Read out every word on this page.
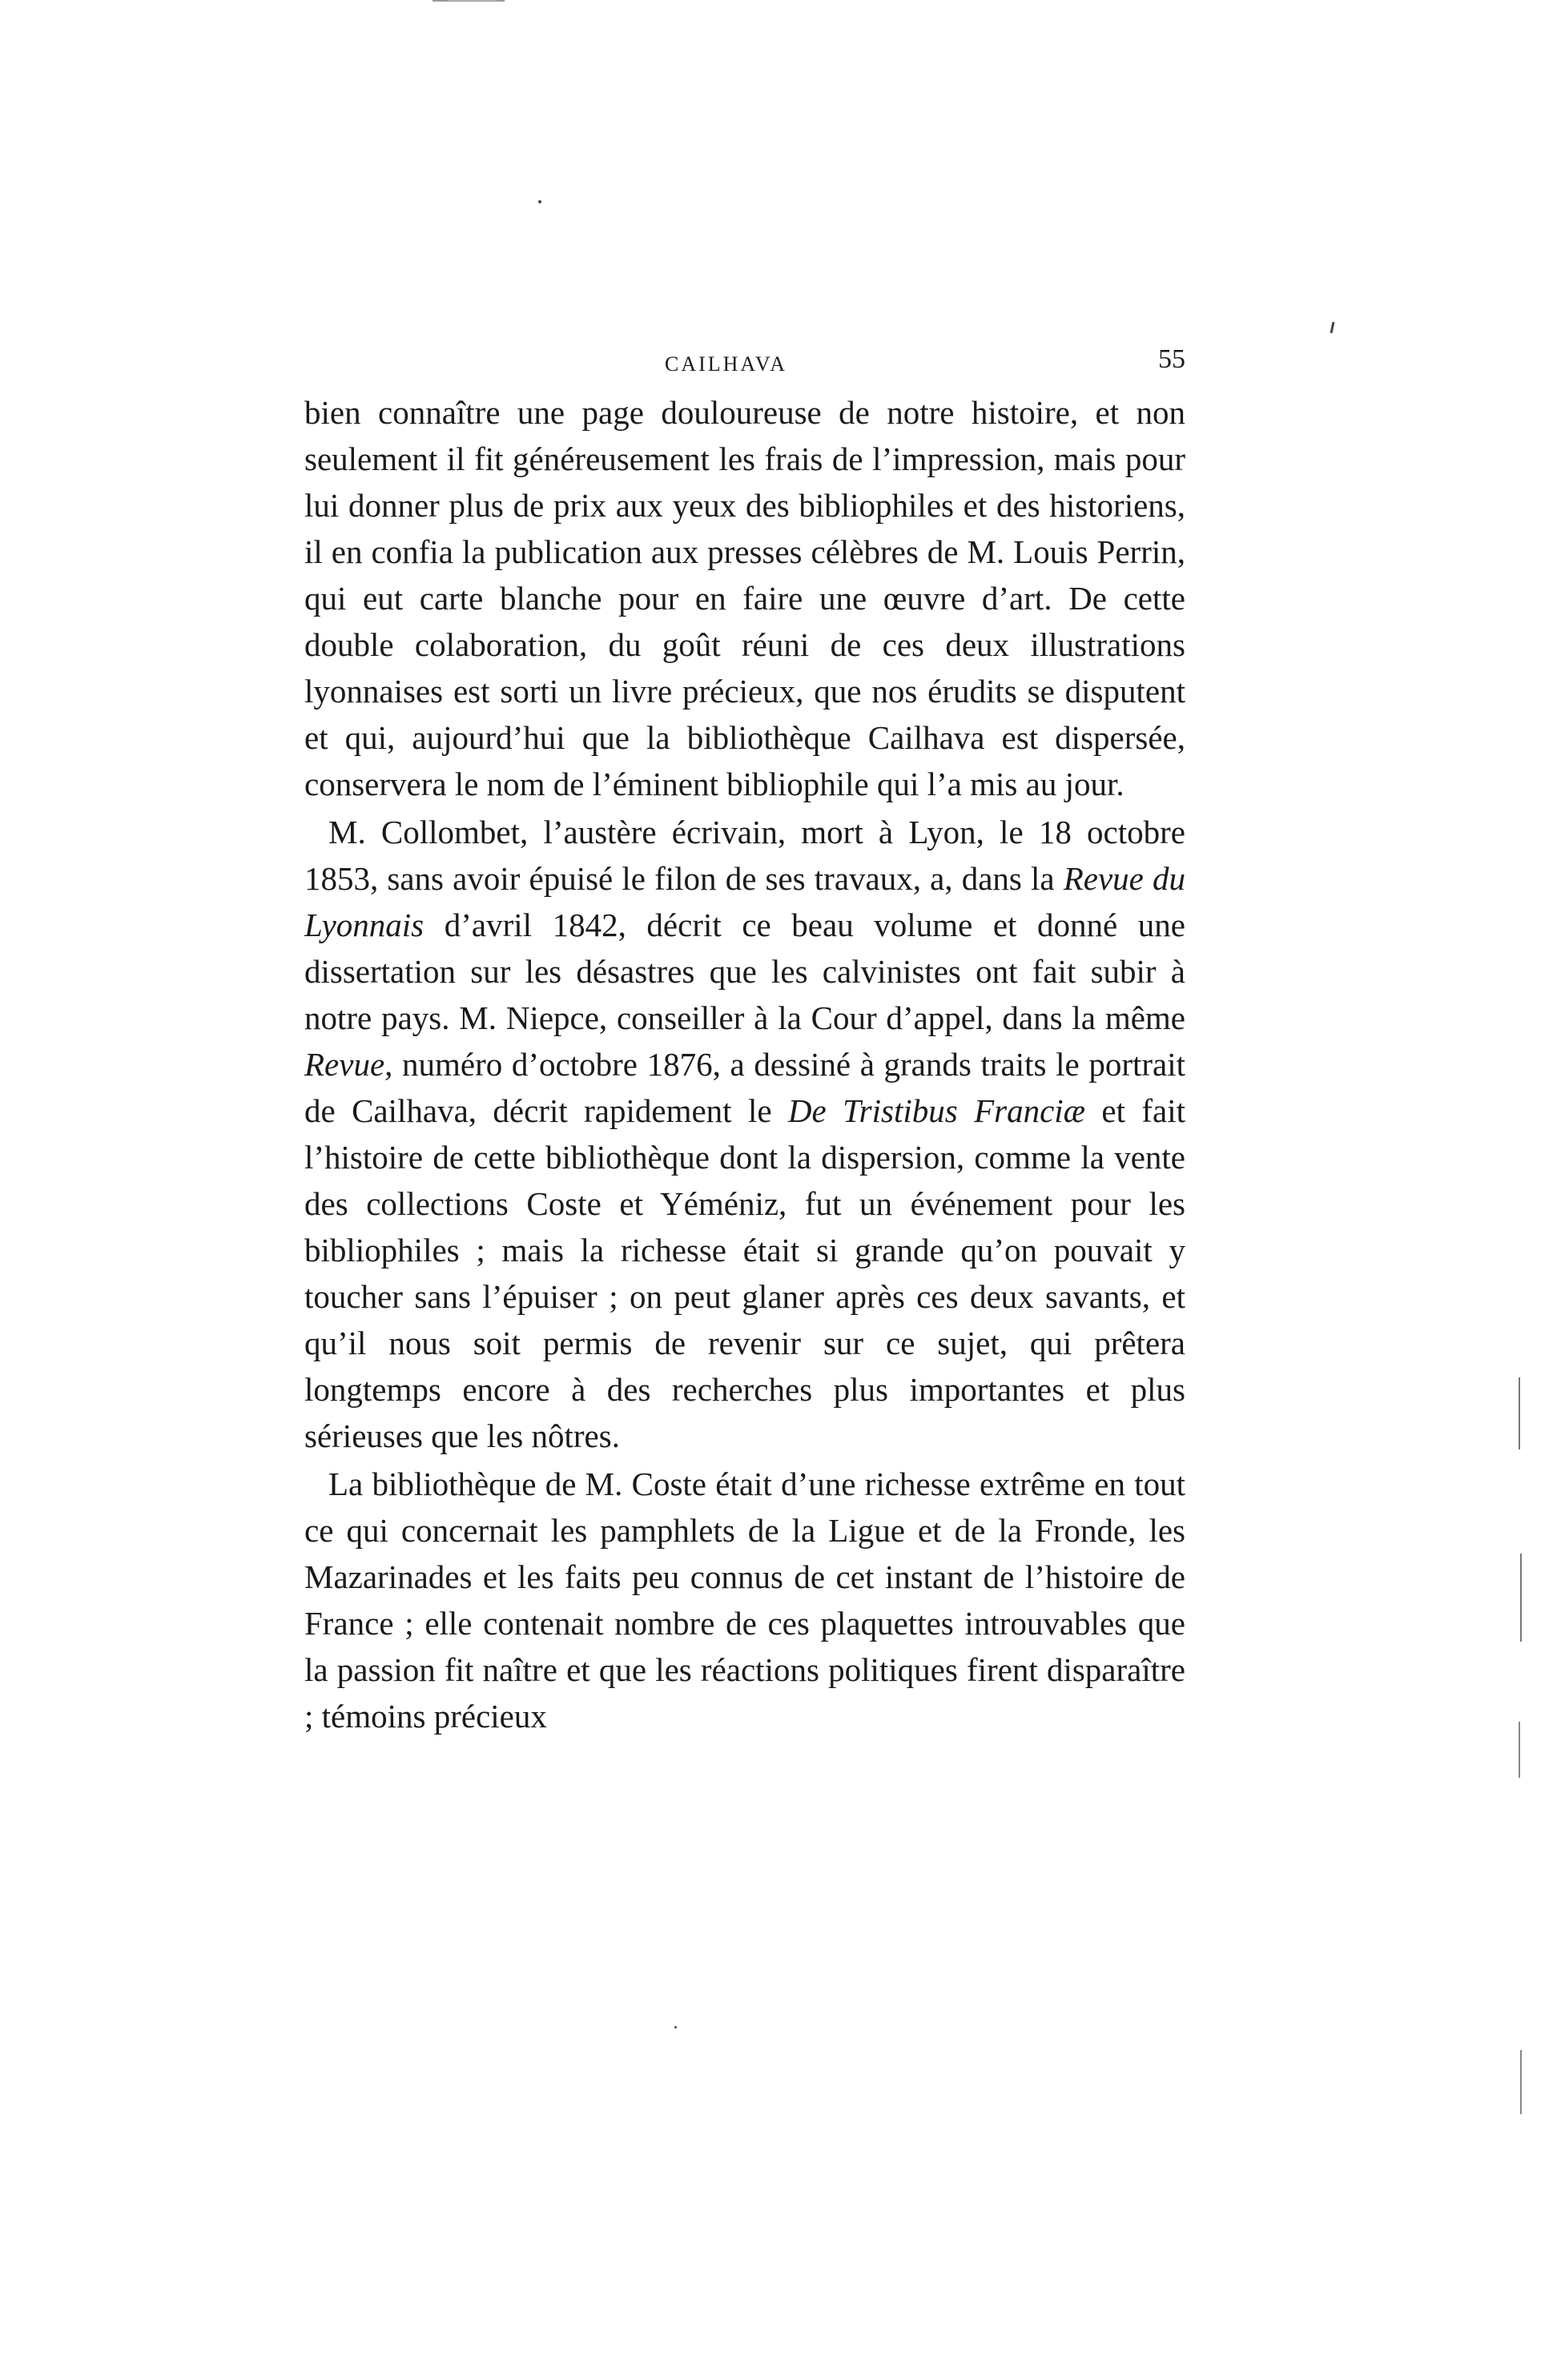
CAILHAVA	55

bien connaître une page douloureuse de notre histoire, et non seulement il fit généreusement les frais de l’impression, mais pour lui donner plus de prix aux yeux des bibliophiles et des historiens, il en confia la publication aux presses célèbres de M. Louis Perrin, qui eut carte blanche pour en faire une œuvre d’art. De cette double colaboration, du goût réuni de ces deux illustrations lyonnaises est sorti un livre précieux, que nos érudits se disputent et qui, aujourd’hui que la bibliothèque Cailhava est dispersée, conservera le nom de l’éminent bibliophile qui l’a mis au jour.

M. Collombet, l’austère écrivain, mort à Lyon, le 18 octobre 1853, sans avoir épuisé le filon de ses travaux, a, dans la Revue du Lyonnais d’avril 1842, décrit ce beau volume et donné une dissertation sur les désastres que les calvinistes ont fait subir à notre pays. M. Niepce, conseiller à la Cour d’appel, dans la même Revue, numéro d’octobre 1876, a dessiné à grands traits le portrait de Cailhava, décrit rapidement le De Tristibus Franciæ et fait l’histoire de cette bibliothèque dont la dispersion, comme la vente des collections Coste et Yéméniz, fut un événement pour les bibliophiles ; mais la richesse était si grande qu’on pouvait y toucher sans l’épuiser ; on peut glaner après ces deux savants, et qu’il nous soit permis de revenir sur ce sujet, qui prêtera longtemps encore à des recherches plus importantes et plus sérieuses que les nôtres.

La bibliothèque de M. Coste était d’une richesse extrême en tout ce qui concernait les pamphlets de la Ligue et de la Fronde, les Mazarinades et les faits peu connus de cet instant de l’histoire de France ; elle contenait nombre de ces plaquettes introuvables que la passion fit naître et que les réactions politiques firent disparaître ; témoins précieux
